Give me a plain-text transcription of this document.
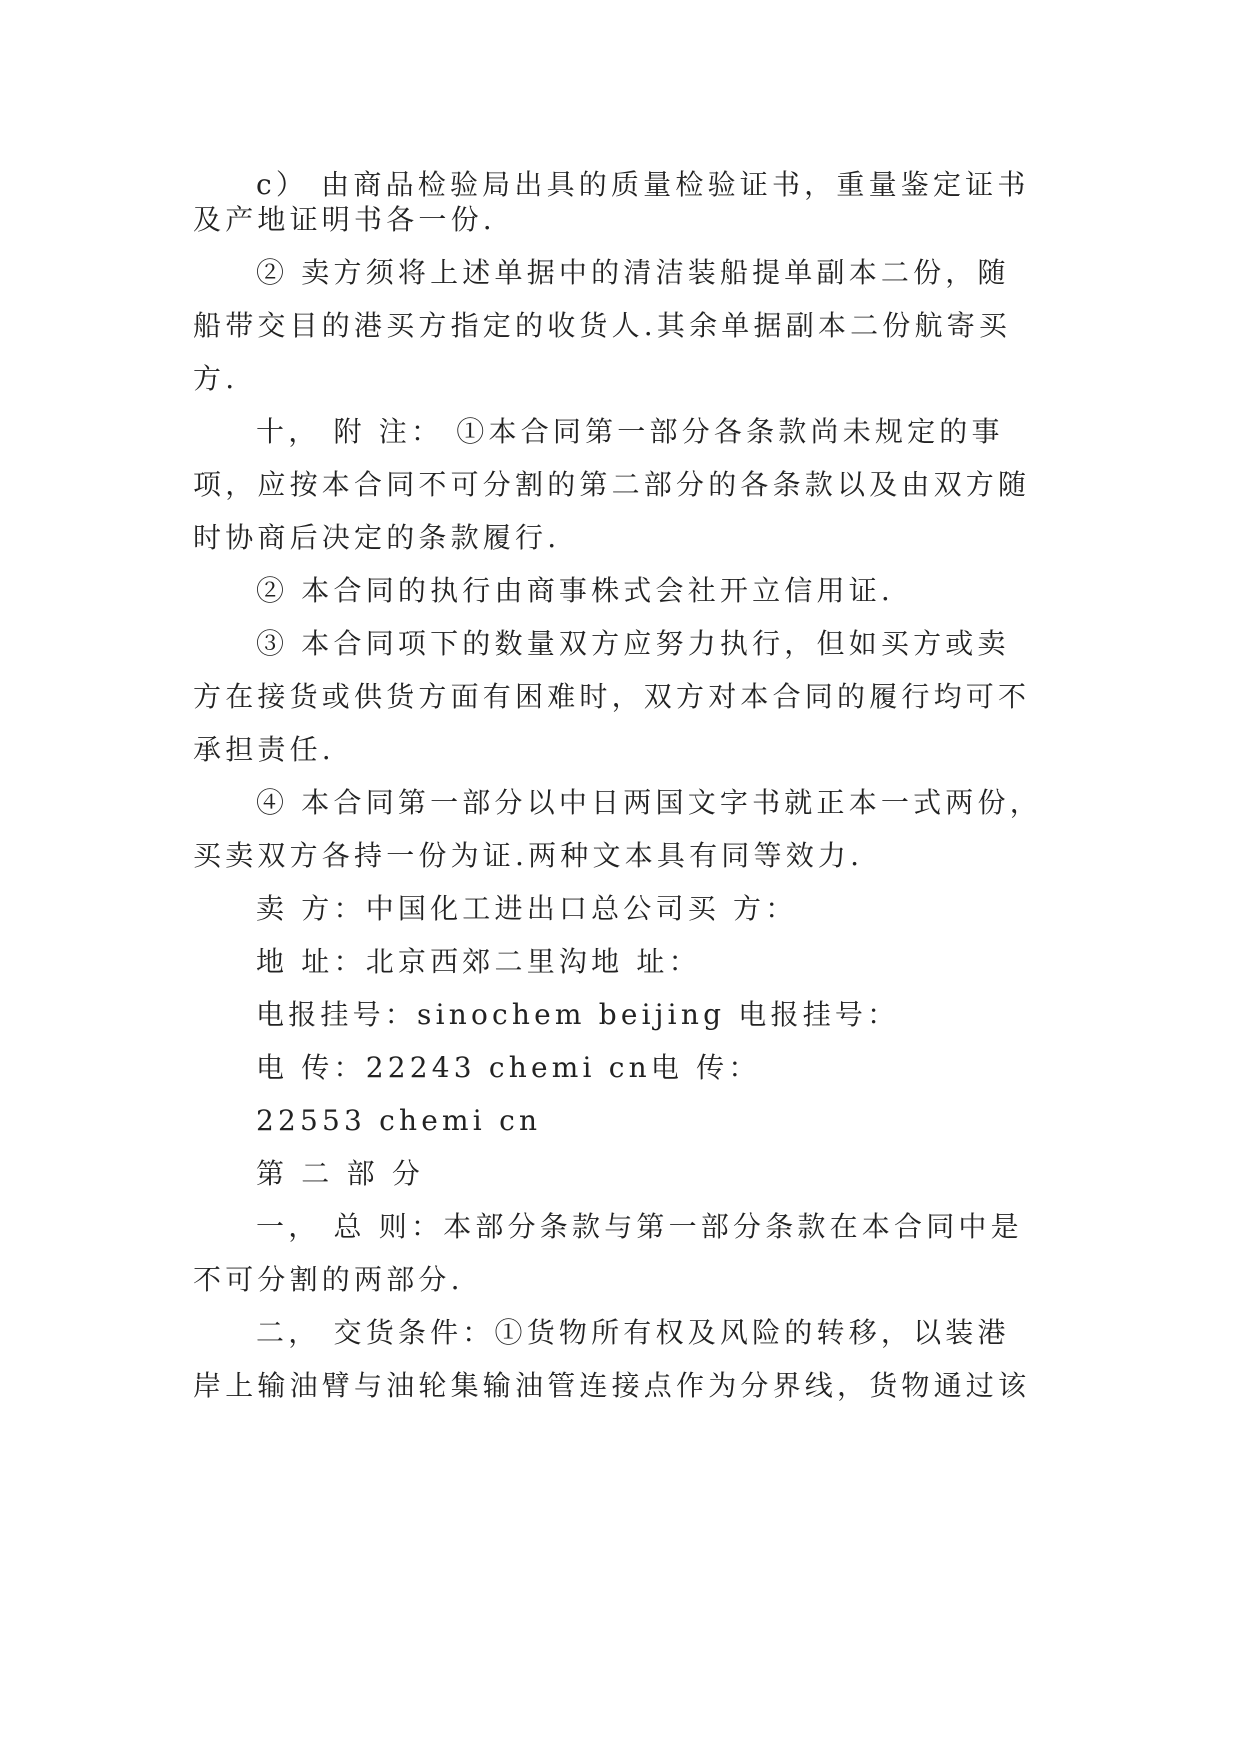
c） 由商品检验局出具的质量检验证书，重量鉴定证书
及产地证明书各一份.
② 卖方须将上述单据中的清洁装船提单副本二份，随
船带交目的港买方指定的收货人.其余单据副本二份航寄买
方.
十， 附 注： ①本合同第一部分各条款尚未规定的事
项，应按本合同不可分割的第二部分的各条款以及由双方随
时协商后决定的条款履行.
② 本合同的执行由商事株式会社开立信用证.
③ 本合同项下的数量双方应努力执行，但如买方或卖
方在接货或供货方面有困难时，双方对本合同的履行均可不
承担责任.
④ 本合同第一部分以中日两国文字书就正本一式两份，
买卖双方各持一份为证.两种文本具有同等效力.
卖 方：中国化工进出口总公司买 方：
地 址：北京西郊二里沟地 址：
电报挂号：sinochem beijing 电报挂号：
电 传：22243 chemi cn电 传：
22553 chemi cn
第 二 部 分
一， 总 则：本部分条款与第一部分条款在本合同中是
不可分割的两部分.
二， 交货条件：①货物所有权及风险的转移，以装港
岸上输油臂与油轮集输油管连接点作为分界线，货物通过该
